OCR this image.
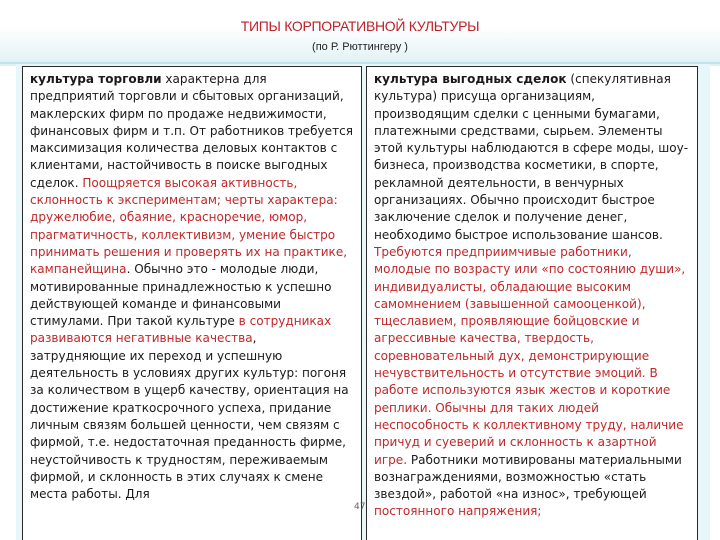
ТИПЫ КОРПОРАТИВНОЙ КУЛЬТУРЫ
(по Р. Рюттингеру )

культура торговли характерна для предприятий торговли и сбытовых организаций, маклерских фирм по продаже недвижимости, финансовых фирм и т.п. От работников требуется максимизация количества деловых контактов с клиентами, настойчивость в поиске выгодных сделок. Поощряется высокая активность, склонность к экспериментам; черты характера: дружелюбие, обаяние, красноречие, юмор, прагматичность, коллективизм, умение быстро принимать решения и проверять их на практике, кампанейщина. Обычно это - молодые люди, мотивированные принадлежностью к успешно действующей команде и финансовыми стимулами. При такой культуре в сотрудниках развиваются негативные качества, затрудняющие их переход и успешную деятельность в условиях других культур: погоня за количеством в ущерб качеству, ориентация на достижение краткосрочного успеха, придание личным связям большей ценности, чем связям с фирмой, т.е. недостаточная преданность фирме, неустойчивость к трудностям, переживаемым фирмой, и склонность в этих случаях к смене места работы. Для

культура выгодных сделок (спекулятивная культура) присуща организациям, производящим сделки с ценными бумагами, платежными средствами, сырьем. Элементы этой культуры наблюдаются в сфере моды, шоу-бизнеса, производства косметики, в спорте, рекламной деятельности, в венчурных организациях. Обычно происходит быстрое заключение сделок и получение денег, необходимо быстрое использование шансов. Требуются предприимчивые работники, молодые по возрасту или «по состоянию души», индивидуалисты, обладающие высоким самомнением (завышенной самооценкой), тщеславием, проявляющие бойцовские и агрессивные качества, твердость, соревновательный дух, демонстрирующие нечувствительность и отсутствие эмоций. В работе используются язык жестов и короткие реплики. Обычны для таких людей неспособность к коллективному труду, наличие причуд и суеверий и склонность к азартной игре. Работники мотивированы материальными вознаграждениями, возможностью «стать звездой», работой «на износ», требующей постоянного напряжения;

47
